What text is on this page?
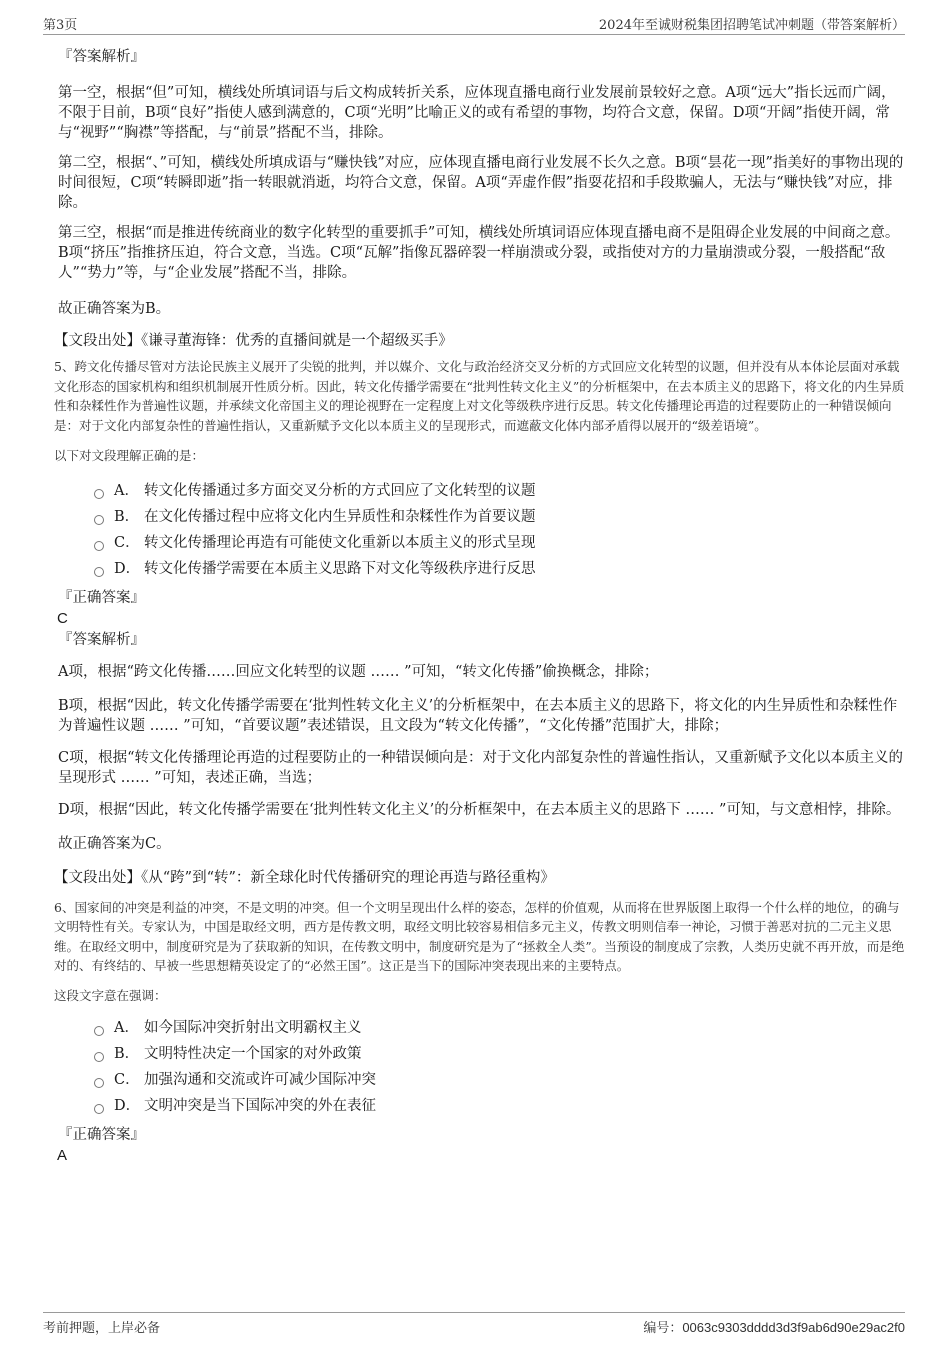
第3页	2024年至诚财税集团招聘笔试冲刺题（带答案解析）

『答案解析』

第一空，根据“但”可知，横线处所填词语与后文构成转折关系，应体现直播电商行业发展前景较好之意。A项“远大”指长远而广阔，不限于目前，B项“良好”指使人感到满意的，C项“光明”比喻正义的或有希望的事物，均符合文意，保留。D项“开阔”指使开阔，常与“视野”“胸襟”等搭配，与“前景”搭配不当，排除。

第二空，根据“、”可知，横线处所填成语与“赚快钱”对应，应体现直播电商行业发展不长久之意。B项“昙花一现”指美好的事物出现的时间很短，C项“转瞬即逝”指一转眼就消逝，均符合文意，保留。A项“弄虚作假”指耍花招和手段欺骗人，无法与“赚快钱”对应，排除。

第三空，根据“而是推进传统商业的数字化转型的重要抓手”可知，横线处所填词语应体现直播电商不是阻碍企业发展的中间商之意。B项“挤压”指推挤压迫，符合文意，当选。C项“瓦解”指像瓦器碎裂一样崩溃或分裂，或指使对方的力量崩溃或分裂，一般搭配“敌人”“势力”等，与“企业发展”搭配不当，排除。

故正确答案为B。

【文段出处】《谦寻董海锋：优秀的直播间就是一个超级买手》

5、跨文化传播尽管对方法论民族主义展开了尖锐的批判，并以媒介、文化与政治经济交叉分析的方式回应文化转型的议题，但并没有从本体论层面对承载文化形态的国家机构和组织机制展开性质分析。因此，转文化传播学需要在“批判性转文化主义”的分析框架中，在去本质主义的思路下，将文化的内生异质性和杂糅性作为普遍性议题，并承续文化帝国主义的理论视野在一定程度上对文化等级秩序进行反思。转文化传播理论再造的过程要防止的一种错误倾向是：对于文化内部复杂性的普遍性指认，又重新赋予文化以本质主义的呈现形式，而遮蔽文化体内部矛盾得以展开的“级差语境”。

以下对文段理解正确的是：

A． 转文化传播通过多方面交叉分析的方式回应了文化转型的议题
B． 在文化传播过程中应将文化内生异质性和杂糅性作为首要议题
C． 转文化传播理论再造有可能使文化重新以本质主义的形式呈现
D． 转文化传播学需要在本质主义思路下对文化等级秩序进行反思

『正确答案』

C

『答案解析』

A项，根据“跨文化传播……回应文化转型的议题 …… ”可知，“转文化传播”偷换概念，排除；

B项，根据“因此，转文化传播学需要在‘批判性转文化主义’的分析框架中，在去本质主义的思路下，将文化的内生异质性和杂糅性作为普遍性议题 …… ”可知，“首要议题”表述错误，且文段为“转文化传播”，“文化传播”范围扩大，排除；

C项，根据“转文化传播理论再造的过程要防止的一种错误倾向是：对于文化内部复杂性的普遍性指认，又重新赋予文化以本质主义的呈现形式 …… ”可知，表述正确，当选；

D项，根据“因此，转文化传播学需要在‘批判性转文化主义’的分析框架中，在去本质主义的思路下 …… ”可知，与文意相悖，排除。

故正确答案为C。

【文段出处】《从“跨”到“转”：新全球化时代传播研究的理论再造与路径重构》

6、国家间的冲突是利益的冲突，不是文明的冲突。但一个文明呈现出什么样的姿态，怎样的价值观，从而将在世界版图上取得一个什么样的地位，的确与文明特性有关。专家认为，中国是取经文明，西方是传教文明，取经文明比较容易相信多元主义，传教文明则信奉一神论，习惯于善恶对抗的二元主义思维。在取经文明中，制度研究是为了获取新的知识，在传教文明中，制度研究是为了“拯救全人类”。当预设的制度成了宗教，人类历史就不再开放，而是绝对的、有终结的、早被一些思想精英设定了的“必然王国”。这正是当下的国际冲突表现出来的主要特点。

这段文字意在强调：

A． 如今国际冲突折射出文明霸权主义
B． 文明特性决定一个国家的对外政策
C． 加强沟通和交流或许可减少国际冲突
D． 文明冲突是当下国际冲突的外在表征

『正确答案』

A

考前押题，上岸必备	编号：0063c9303dddd3d3f9ab6d90e29ac2f0
